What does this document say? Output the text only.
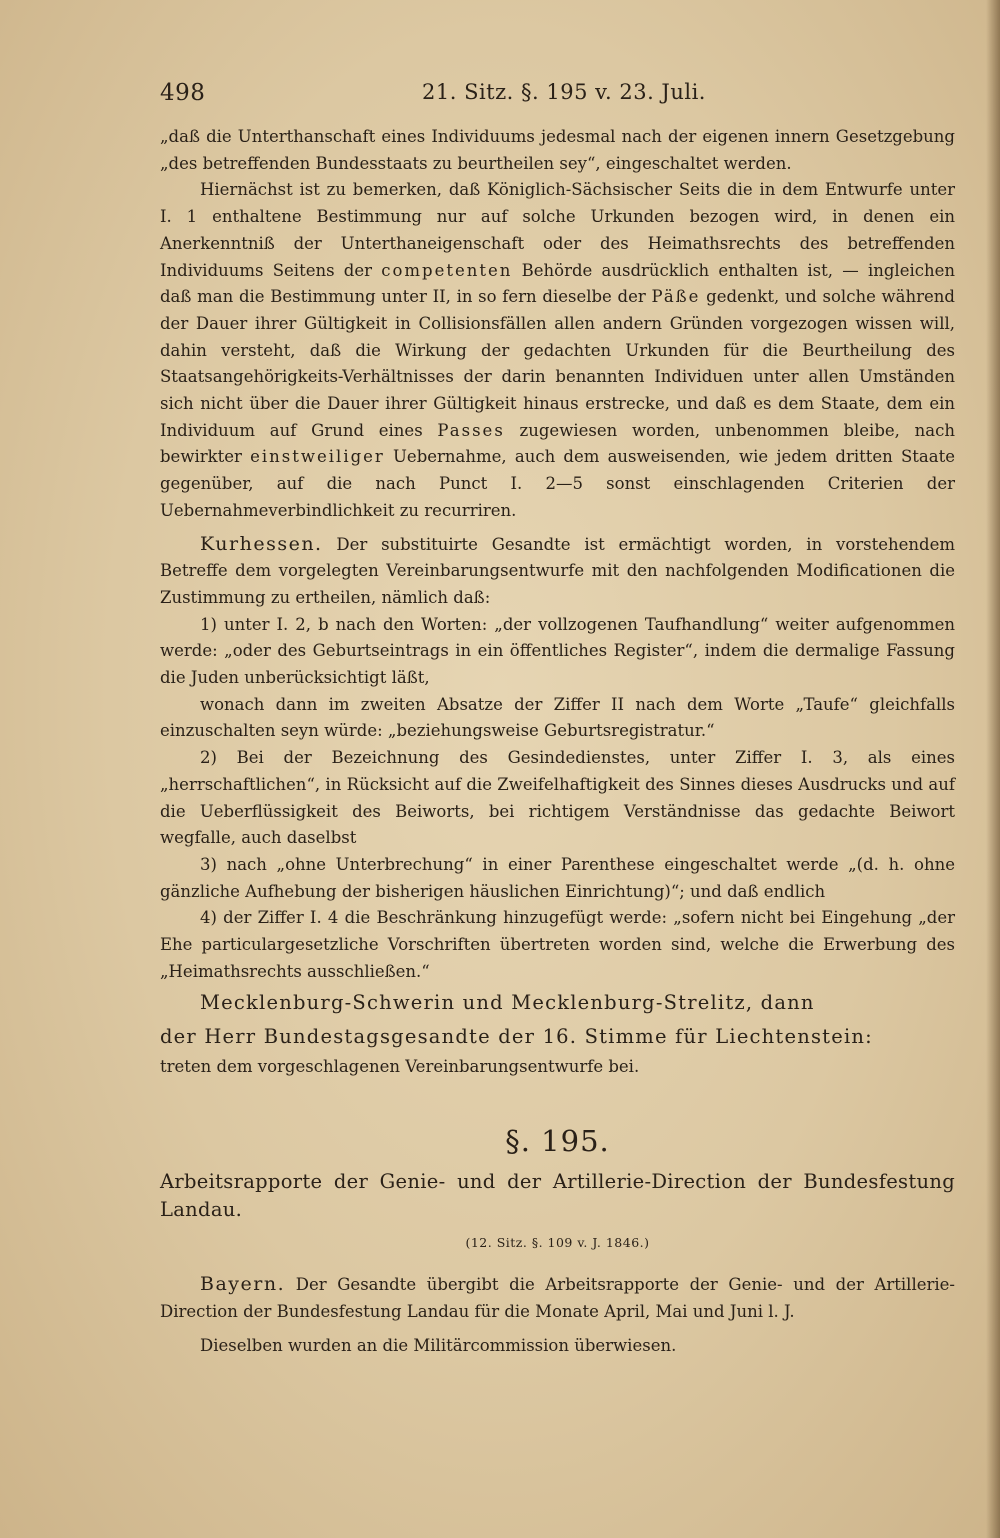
498	21. Sitz. §. 195 v. 23. Juli.

„daß die Unterthanschaft eines Individuums jedesmal nach der eigenen innern Gesetzgebung „des betreffenden Bundesstaats zu beurtheilen sey“, eingeschaltet werden.

Hiernächst ist zu bemerken, daß Königlich-Sächsischer Seits die in dem Entwurfe unter I. 1 enthaltene Bestimmung nur auf solche Urkunden bezogen wird, in denen ein Anerkenntniß der Unterthaneigenschaft oder des Heimathsrechts des betreffenden Individuums Seitens der competenten Behörde ausdrücklich enthalten ist, — ingleichen daß man die Bestimmung unter II, in so fern dieselbe der Päße gedenkt, und solche während der Dauer ihrer Gültigkeit in Collisionsfällen allen andern Gründen vorgezogen wissen will, dahin versteht, daß die Wirkung der gedachten Urkunden für die Beurtheilung des Staatsangehörigkeits-Verhältnisses der darin benannten Individuen unter allen Umständen sich nicht über die Dauer ihrer Gültigkeit hinaus erstrecke, und daß es dem Staate, dem ein Individuum auf Grund eines Passes zugewiesen worden, unbenommen bleibe, nach bewirkter einstweiliger Uebernahme, auch dem ausweisenden, wie jedem dritten Staate gegenüber, auf die nach Punct I. 2—5 sonst einschlagenden Criterien der Uebernahmeverbindlichkeit zu recurriren.

Kurhessen. Der substituirte Gesandte ist ermächtigt worden, in vorstehendem Betreffe dem vorgelegten Vereinbarungsentwurfe mit den nachfolgenden Modificationen die Zustimmung zu ertheilen, nämlich daß:

1) unter I. 2, b nach den Worten: „der vollzogenen Taufhandlung“ weiter aufgenommen werde: „oder des Geburtseintrags in ein öffentliches Register“, indem die dermalige Fassung die Juden unberücksichtigt läßt,

wonach dann im zweiten Absatze der Ziffer II nach dem Worte „Taufe“ gleichfalls einzuschalten seyn würde: „beziehungsweise Geburtsregistratur.“

2) Bei der Bezeichnung des Gesindedienstes, unter Ziffer I. 3, als eines „herrschaftlichen“, in Rücksicht auf die Zweifelhaftigkeit des Sinnes dieses Ausdrucks und auf die Ueberflüssigkeit des Beiworts, bei richtigem Verständnisse das gedachte Beiwort wegfalle, auch daselbst

3) nach „ohne Unterbrechung“ in einer Parenthese eingeschaltet werde „(d. h. ohne gänzliche Aufhebung der bisherigen häuslichen Einrichtung)“; und daß endlich

4) der Ziffer I. 4 die Beschränkung hinzugefügt werde: „sofern nicht bei Eingehung „der Ehe particulargesetzliche Vorschriften übertreten worden sind, welche die Erwerbung des „Heimathsrechts ausschließen.“

Mecklenburg-Schwerin und Mecklenburg-Strelitz, dann

der Herr Bundestagsgesandte der 16. Stimme für Liechtenstein:

treten dem vorgeschlagenen Vereinbarungsentwurfe bei.

§. 195.

Arbeitsrapporte der Genie- und der Artillerie-Direction der Bundesfestung Landau.

(12. Sitz. §. 109 v. J. 1846.)

Bayern. Der Gesandte übergibt die Arbeitsrapporte der Genie- und der Artillerie-Direction der Bundesfestung Landau für die Monate April, Mai und Juni l. J.

Dieselben wurden an die Militärcommission überwiesen.
